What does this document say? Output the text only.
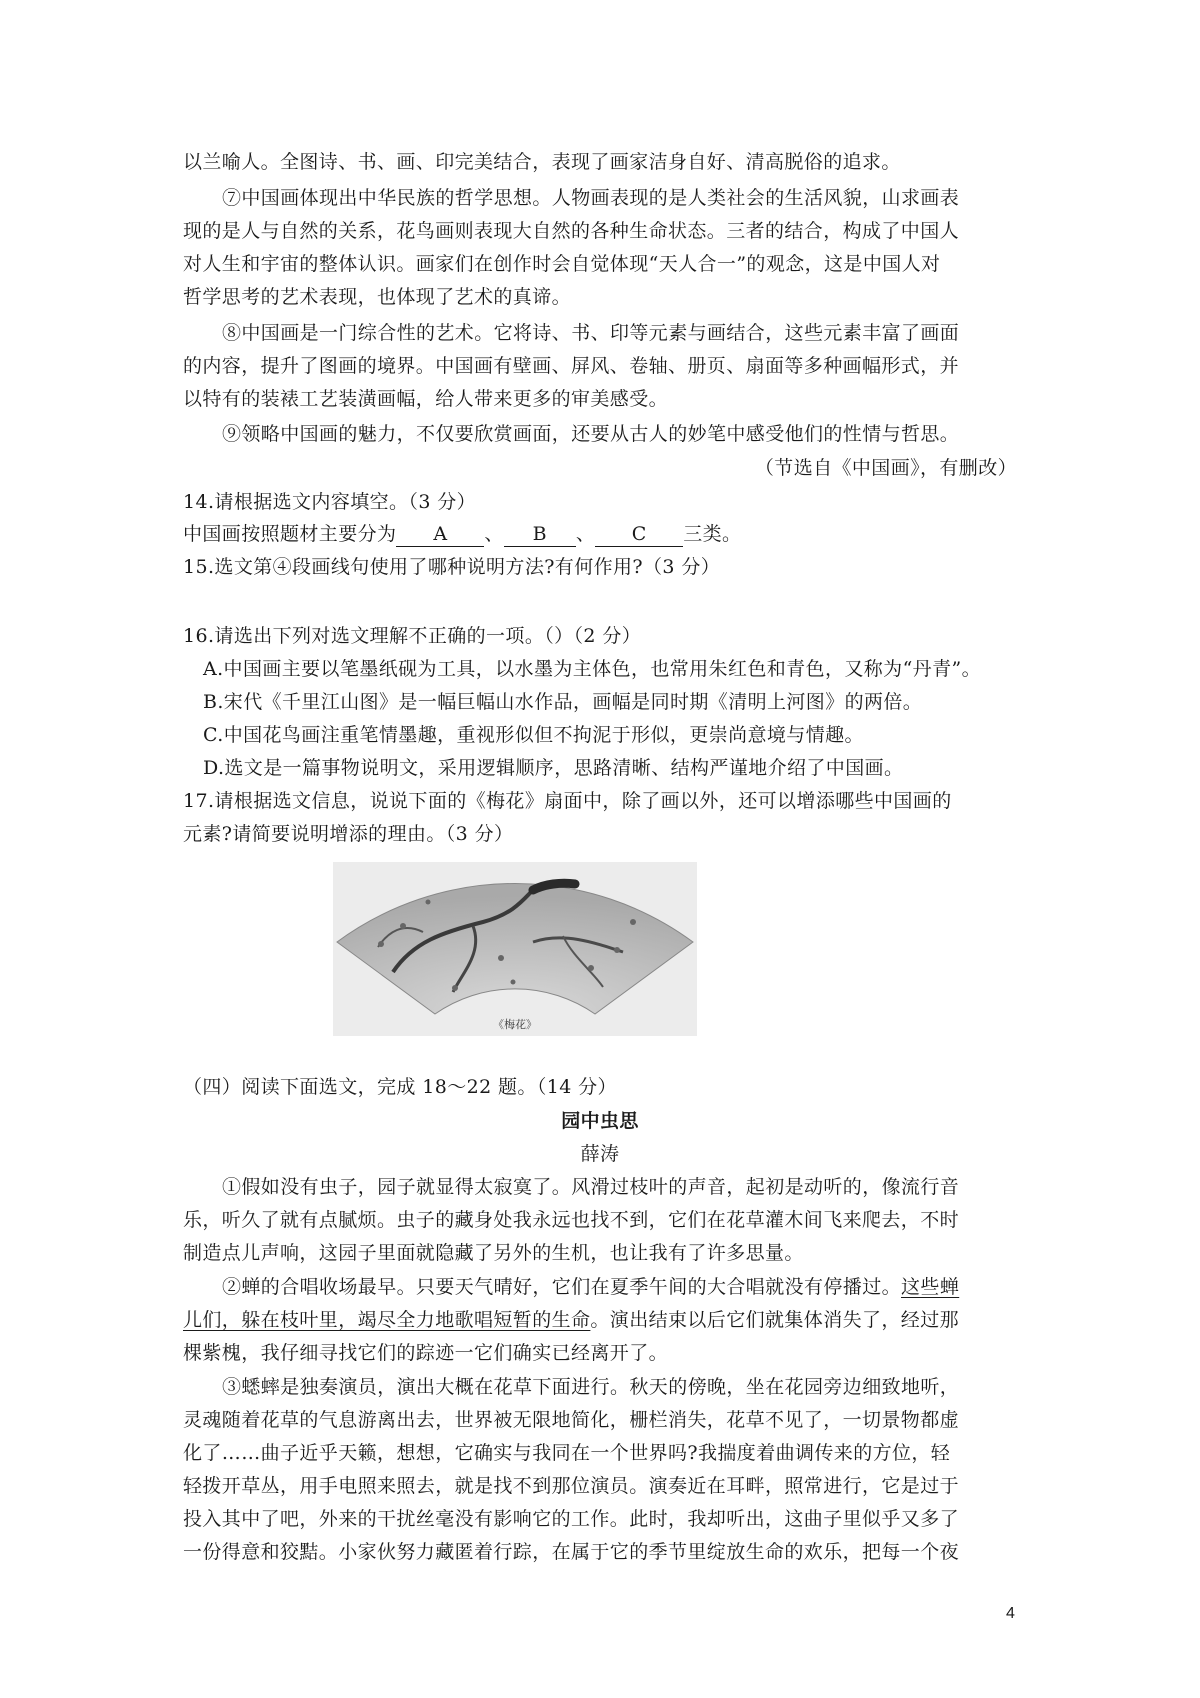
以兰喻人。全图诗、书、画、印完美结合，表现了画家洁身自好、清高脱俗的追求。
⑦中国画体现出中华民族的哲学思想。人物画表现的是人类社会的生活风貌，山求画表
现的是人与自然的关系，花鸟画则表现大自然的各种生命状态。三者的结合，构成了中国人
对人生和宇宙的整体认识。画家们在创作时会自觉体现“天人合一”的观念，这是中国人对
哲学思考的艺术表现，也体现了艺术的真谛。
⑧中国画是一门综合性的艺术。它将诗、书、印等元素与画结合，这些元素丰富了画面
的内容，提升了图画的境界。中国画有壁画、屏风、卷轴、册页、扇面等多种画幅形式，并
以特有的装裱工艺装潢画幅，给人带来更多的审美感受。
⑨领略中国画的魅力，不仅要欣赏画面，还要从古人的妙笔中感受他们的性情与哲思。
（节选自《中国画》，有删改）
14.请根据选文内容填空。（3 分）
中国画按照题材主要分为 A 、 B 、 C 三类。
15.选文第④段画线句使用了哪种说明方法?有何作用?（3 分）
16.请选出下列对选文理解不正确的一项。（）（2 分）
A.中国画主要以笔墨纸砚为工具，以水墨为主体色，也常用朱红色和青色，又称为“丹青”。
B.宋代《千里江山图》是一幅巨幅山水作品，画幅是同时期《清明上河图》的两倍。
C.中国花鸟画注重笔情墨趣，重视形似但不拘泥于形似，更崇尚意境与情趣。
D.选文是一篇事物说明文，采用逻辑顺序，思路清晰、结构严谨地介绍了中国画。
17.请根据选文信息，说说下面的《梅花》扇面中，除了画以外，还可以增添哪些中国画的
元素?请简要说明增添的理由。（3 分）
《梅花》
（四）阅读下面选文，完成 18～22 题。（14 分）
园中虫思
薛涛
①假如没有虫子，园子就显得太寂寞了。风滑过枝叶的声音，起初是动听的，像流行音
乐，听久了就有点腻烦。虫子的藏身处我永远也找不到，它们在花草灌木间飞来爬去，不时
制造点儿声响，这园子里面就隐藏了另外的生机，也让我有了许多思量。
②蝉的合唱收场最早。只要天气晴好，它们在夏季午间的大合唱就没有停播过。这些蝉
儿们，躲在枝叶里，竭尽全力地歌唱短暂的生命。演出结束以后它们就集体消失了，经过那
棵紫槐，我仔细寻找它们的踪迹一它们确实已经离开了。
③蟋蟀是独奏演员，演出大概在花草下面进行。秋天的傍晚，坐在花园旁边细致地听，
灵魂随着花草的气息游离出去，世界被无限地简化，栅栏消失，花草不见了，一切景物都虚
化了……曲子近乎天籁，想想，它确实与我同在一个世界吗?我揣度着曲调传来的方位，轻
轻拨开草丛，用手电照来照去，就是找不到那位演员。演奏近在耳畔，照常进行，它是过于
投入其中了吧，外来的干扰丝毫没有影响它的工作。此时，我却听出，这曲子里似乎又多了
一份得意和狡黠。小家伙努力藏匿着行踪，在属于它的季节里绽放生命的欢乐，把每一个夜
4
